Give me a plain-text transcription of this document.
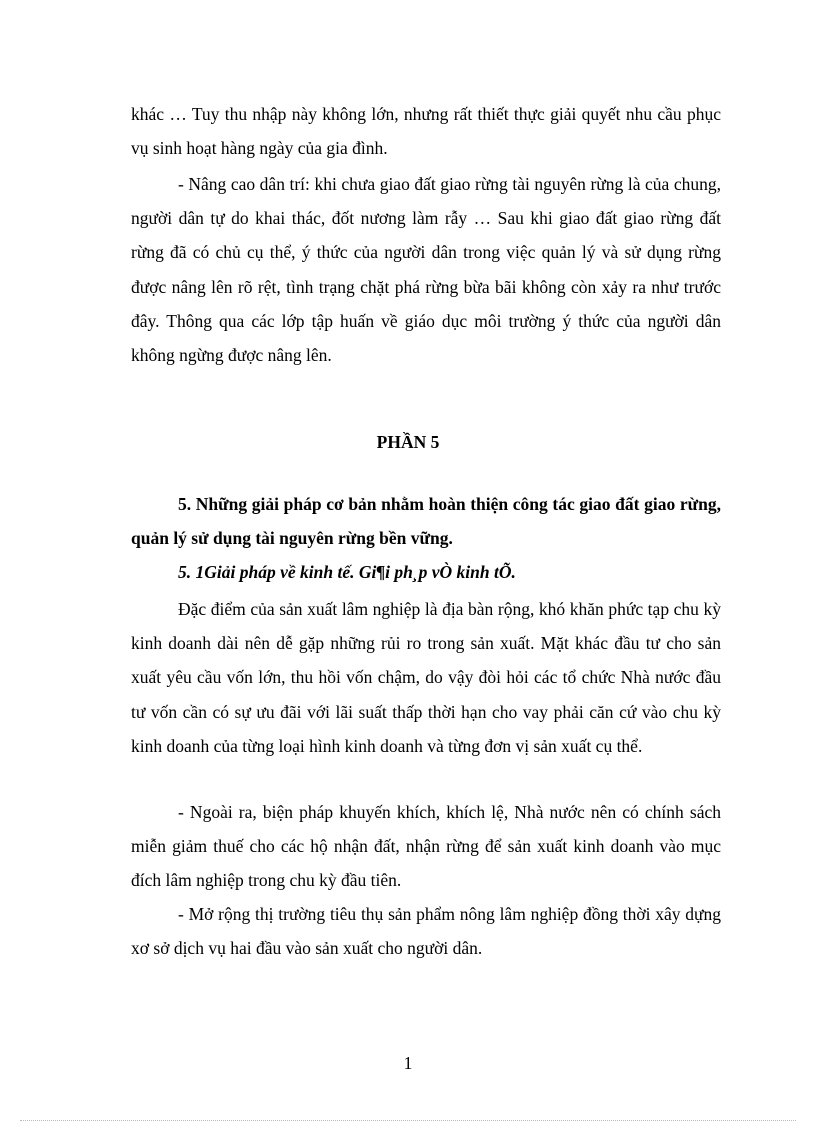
khác … Tuy thu nhập này không lớn, nhưng rất thiết thực giải quyết nhu cầu phục vụ sinh hoạt hàng ngày của gia đình.

- Nâng cao dân trí: khi chưa giao đất giao rừng tài nguyên rừng là của chung, người dân tự do khai thác, đốt nương làm rẫy … Sau khi giao đất giao rừng đất rừng đã có chủ cụ thể, ý thức của người dân trong việc quản lý và sử dụng rừng được nâng lên rõ rệt, tình trạng chặt phá rừng bừa bãi không còn xảy ra như trước đây. Thông qua các lớp tập huấn về giáo dục môi trường ý thức của người dân không ngừng được nâng lên.

PHẦN 5

5. Những giải pháp cơ bản nhằm hoàn thiện công tác giao đất giao rừng, quản lý sử dụng tài nguyên rừng bền vững.

5. 1Giải pháp về kinh tế. Gi¶i ph¸p vÒ kinh tÕ.

Đặc điểm của sản xuất lâm nghiệp là địa bàn rộng, khó khăn phức tạp chu kỳ kinh doanh dài nên dễ gặp những rủi ro trong sản xuất. Mặt khác đầu tư cho sản xuất yêu cầu vốn lớn, thu hồi vốn chậm, do vậy đòi hỏi các tổ chức Nhà nước đầu tư vốn cần có sự ưu đãi với lãi suất thấp thời hạn cho vay phải căn cứ vào chu kỳ kinh doanh của từng loại hình kinh doanh và từng đơn vị sản xuất cụ thể.

- Ngoài ra, biện pháp khuyến khích, khích lệ, Nhà nước nên có chính sách miễn giảm thuế cho các hộ nhận đất, nhận rừng để sản xuất kinh doanh vào mục đích lâm nghiệp trong chu kỳ đầu tiên.

- Mở rộng thị trường tiêu thụ sản phẩm nông lâm nghiệp đồng thời xây dựng xơ sở dịch vụ hai đầu vào sản xuất cho người dân.

1
